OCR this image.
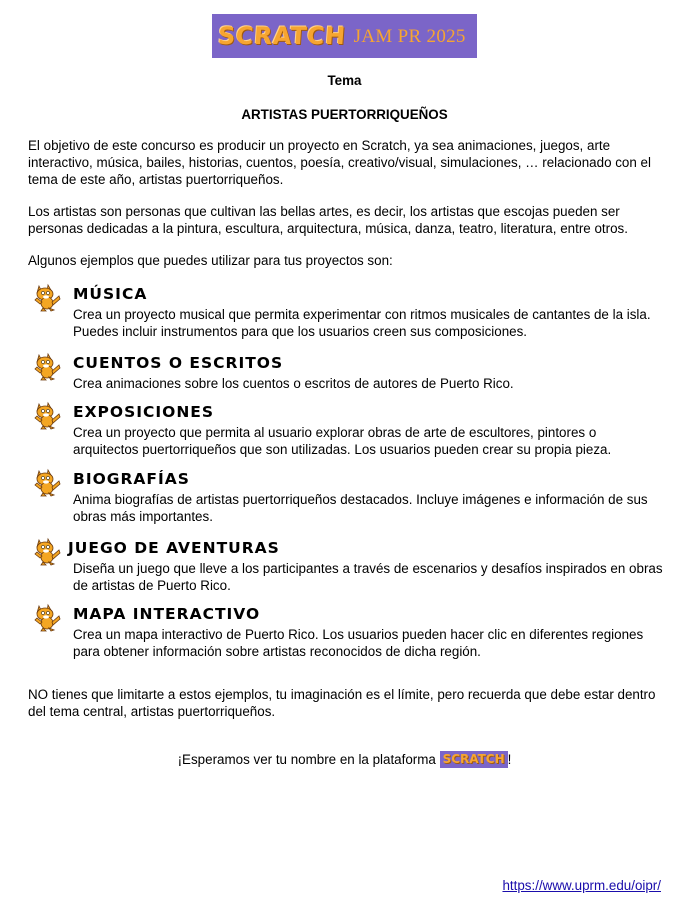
SCRATCH JAM PR 2025
Tema
ARTISTAS PUERTORRIQUEÑOS
El objetivo de este concurso es producir un proyecto en Scratch, ya sea animaciones, juegos, arte interactivo, música, bailes, historias, cuentos, poesía, creativo/visual, simulaciones, … relacionado con el tema de este año, artistas puertorriqueños.
Los artistas son personas que cultivan las bellas artes, es decir, los artistas que escojas pueden ser personas dedicadas a la pintura, escultura, arquitectura, música, danza, teatro, literatura, entre otros.
Algunos ejemplos que puedes utilizar para tus proyectos son:
MÚSICA
Crea un proyecto musical que permita experimentar con ritmos musicales de cantantes de la isla. Puedes incluir instrumentos para que los usuarios creen sus composiciones.
CUENTOS O ESCRITOS
Crea animaciones sobre los cuentos o escritos de autores de Puerto Rico.
EXPOSICIONES
Crea un proyecto que permita al usuario explorar obras de arte de escultores, pintores o arquitectos puertorriqueños que son utilizadas. Los usuarios pueden crear su propia pieza.
BIOGRAFÍAS
Anima biografías de artistas puertorriqueños destacados. Incluye imágenes e información de sus obras más importantes.
JUEGO DE AVENTURAS
Diseña un juego que lleve a los participantes a través de escenarios y desafíos inspirados en obras de artistas de Puerto Rico.
MAPA INTERACTIVO
Crea un mapa interactivo de Puerto Rico. Los usuarios pueden hacer clic en diferentes regiones para obtener información sobre artistas reconocidos de dicha región.
NO tienes que limitarte a estos ejemplos, tu imaginación es el límite, pero recuerda que debe estar dentro del tema central, artistas puertorriqueños.
¡Esperamos ver tu nombre en la plataforma SCRATCH !
https://www.uprm.edu/oipr/
